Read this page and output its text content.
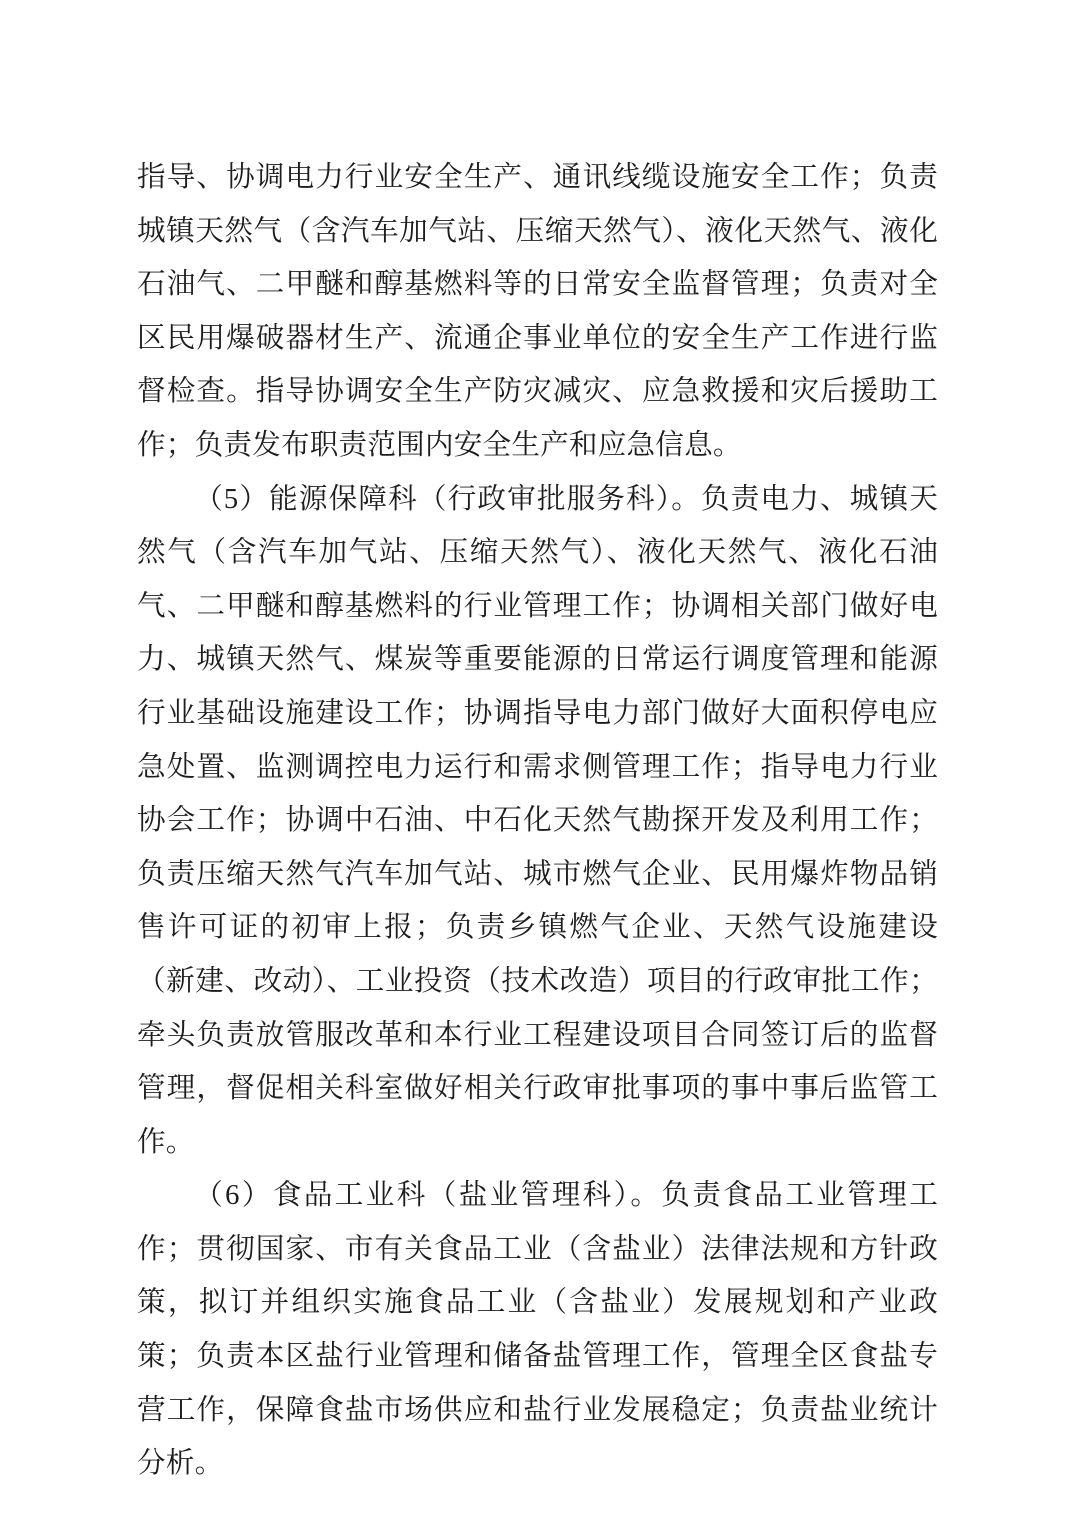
指导、协调电力行业安全生产、通讯线缆设施安全工作；负责城镇天然气（含汽车加气站、压缩天然气）、液化天然气、液化石油气、二甲醚和醇基燃料等的日常安全监督管理；负责对全区民用爆破器材生产、流通企事业单位的安全生产工作进行监督检查。指导协调安全生产防灾减灾、应急救援和灾后援助工作；负责发布职责范围内安全生产和应急信息。

（5）能源保障科（行政审批服务科）。负责电力、城镇天然气（含汽车加气站、压缩天然气）、液化天然气、液化石油气、二甲醚和醇基燃料的行业管理工作；协调相关部门做好电力、城镇天然气、煤炭等重要能源的日常运行调度管理和能源行业基础设施建设工作；协调指导电力部门做好大面积停电应急处置、监测调控电力运行和需求侧管理工作；指导电力行业协会工作；协调中石油、中石化天然气勘探开发及利用工作；负责压缩天然气汽车加气站、城市燃气企业、民用爆炸物品销售许可证的初审上报；负责乡镇燃气企业、天然气设施建设（新建、改动）、工业投资（技术改造）项目的行政审批工作；牵头负责放管服改革和本行业工程建设项目合同签订后的监督管理，督促相关科室做好相关行政审批事项的事中事后监管工作。

（6）食品工业科（盐业管理科）。负责食品工业管理工作；贯彻国家、市有关食品工业（含盐业）法律法规和方针政策，拟订并组织实施食品工业（含盐业）发展规划和产业政策；负责本区盐行业管理和储备盐管理工作，管理全区食盐专营工作，保障食盐市场供应和盐行业发展稳定；负责盐业统计分析。
